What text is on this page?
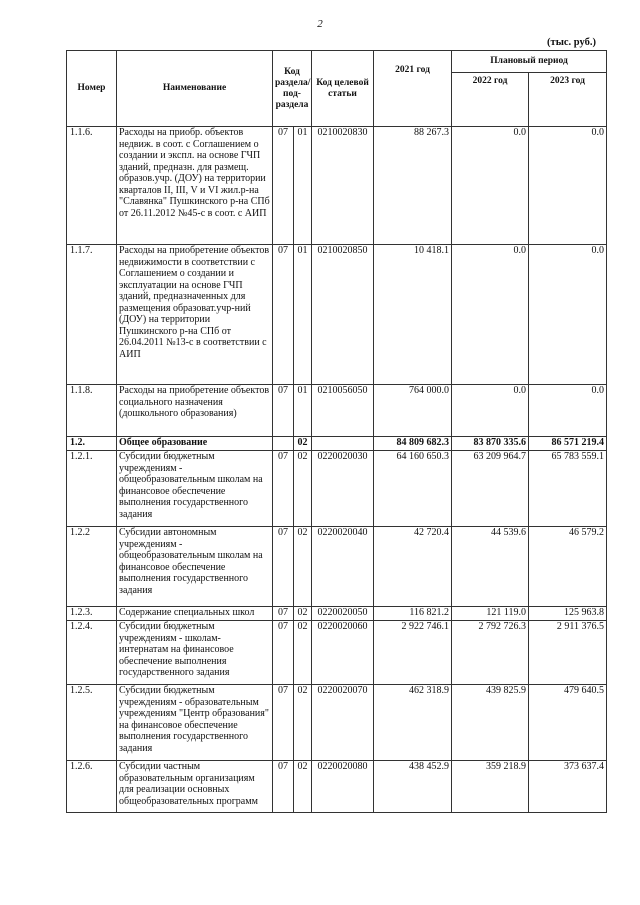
2
(тыс. руб.)
Номер	Наименование	Код раздела/ под-раздела		Код целевой статьи	2021 год	Плановый период	
						2022 год	2023 год
1.1.6.	Расходы на приобр. объектов недвиж. в соот. с Соглашением о создании и экспл. на основе ГЧП зданий, предназн. для размещ. образов.учр. (ДОУ) на территории кварталов II, III, V и VI жил.р-на "Славянка" Пушкинского р-на СПб от 26.11.2012 №45-с в соот. с АИП	07	01	0210020830	88 267.3	0.0	0.0
1.1.7.	Расходы на приобретение объектов недвижимости в соответствии с Соглашением о создании и эксплуатации на основе ГЧП зданий, предназначенных для размещения образоват.учр-ний (ДОУ) на территории Пушкинского р-на СПб от 26.04.2011 №13-с в соответствии с АИП	07	01	0210020850	10 418.1	0.0	0.0
1.1.8.	Расходы на приобретение объектов социального назначения (дошкольного образования)	07	01	0210056050	764 000.0	0.0	0.0
1.2.	Общее образование		02		84 809 682.3	83 870 335.6	86 571 219.4
1.2.1.	Субсидии бюджетным учреждениям - общеобразовательным школам на финансовое обеспечение выполнения государственного задания	07	02	0220020030	64 160 650.3	63 209 964.7	65 783 559.1
1.2.2	Субсидии автономным учреждениям - общеобразовательным школам на финансовое обеспечение выполнения государственного задания	07	02	0220020040	42 720.4	44 539.6	46 579.2
1.2.3.	Содержание специальных школ	07	02	0220020050	116 821.2	121 119.0	125 963.8
1.2.4.	Субсидии бюджетным учреждениям - школам-интернатам на финансовое обеспечение выполнения государственного задания	07	02	0220020060	2 922 746.1	2 792 726.3	2 911 376.5
1.2.5.	Субсидии бюджетным учреждениям - образовательным учреждениям "Центр образования" на финансовое обеспечение выполнения государственного задания	07	02	0220020070	462 318.9	439 825.9	479 640.5
1.2.6.	Субсидии частным образовательным организациям для реализации основных общеобразовательных программ	07	02	0220020080	438 452.9	359 218.9	373 637.4
